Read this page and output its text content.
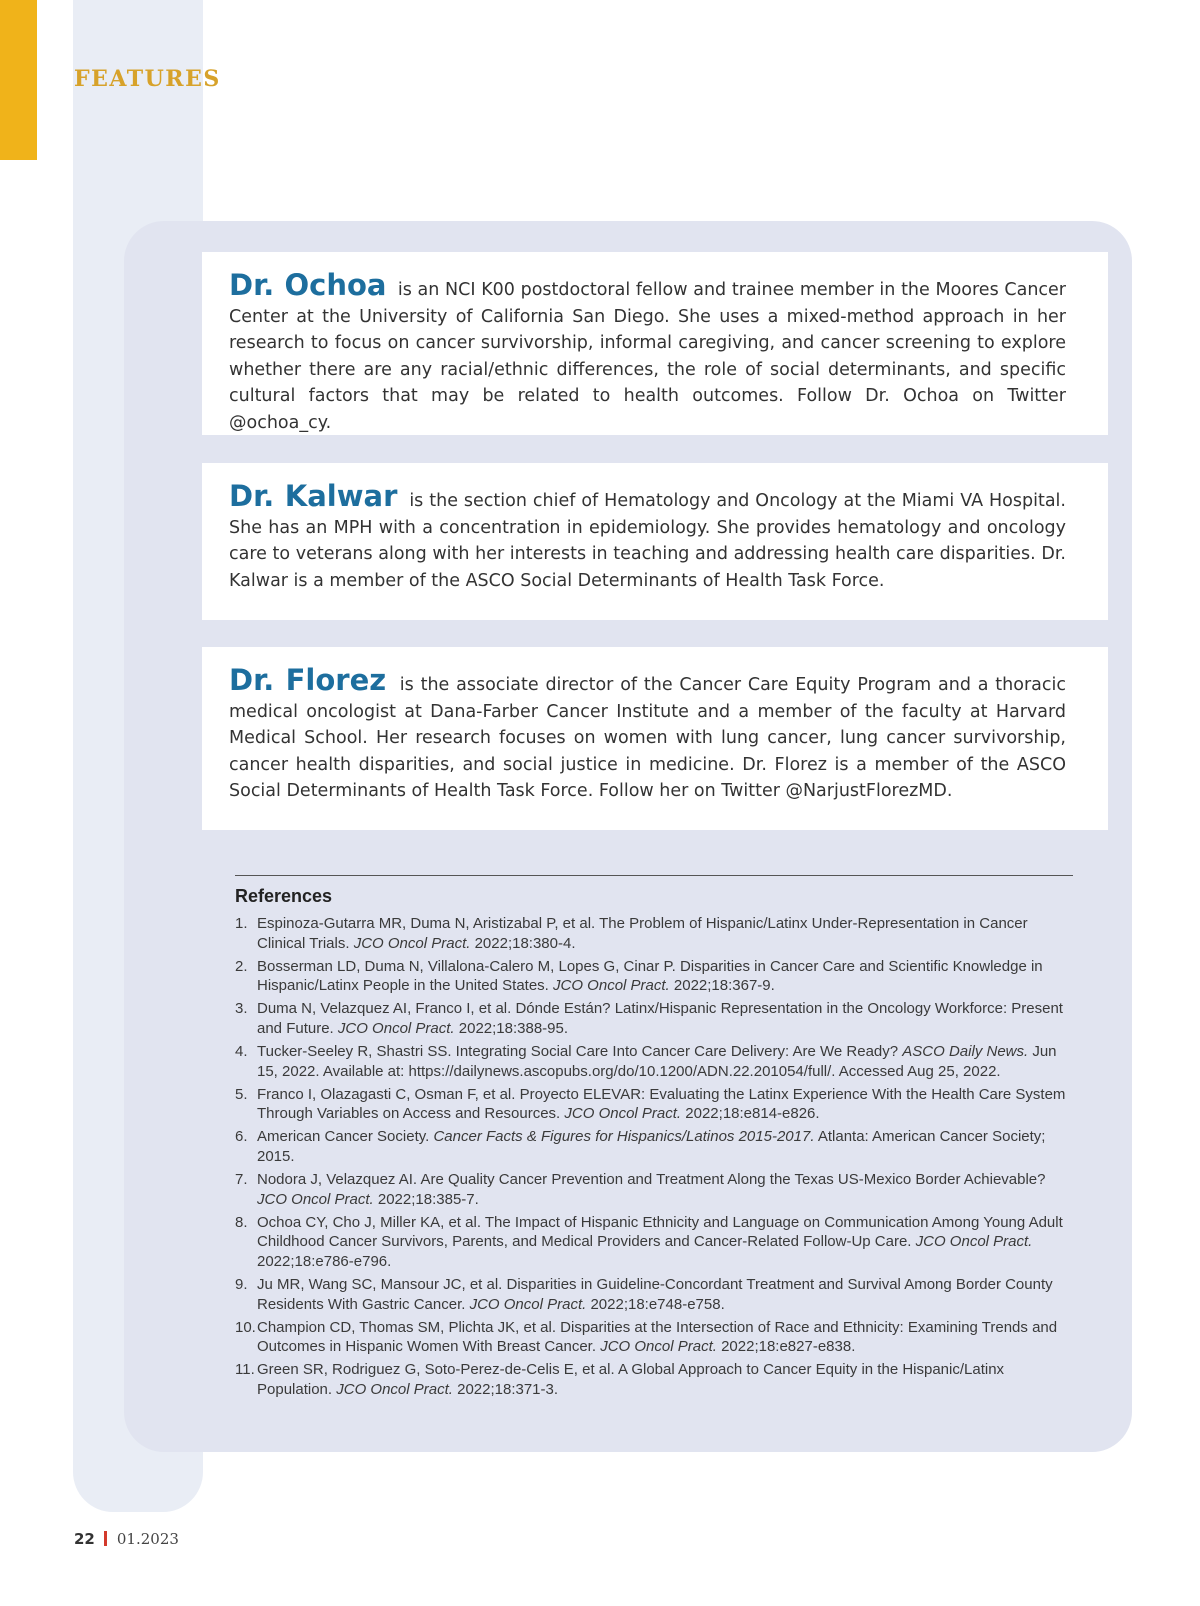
FEATURES

Dr. Ochoa is an NCI K00 postdoctoral fellow and trainee member in the Moores Cancer Center at the University of California San Diego. She uses a mixed-method approach in her research to focus on cancer survivorship, informal caregiving, and cancer screening to explore whether there are any racial/ethnic differences, the role of social determinants, and specific cultural factors that may be related to health outcomes. Follow Dr. Ochoa on Twitter @ochoa_cy.

Dr. Kalwar is the section chief of Hematology and Oncology at the Miami VA Hospital. She has an MPH with a concentration in epidemiology. She provides hematology and oncology care to veterans along with her interests in teaching and addressing health care disparities. Dr. Kalwar is a member of the ASCO Social Determinants of Health Task Force.

Dr. Florez is the associate director of the Cancer Care Equity Program and a thoracic medical oncologist at Dana-Farber Cancer Institute and a member of the faculty at Harvard Medical School. Her research focuses on women with lung cancer, lung cancer survivorship, cancer health disparities, and social justice in medicine. Dr. Florez is a member of the ASCO Social Determinants of Health Task Force. Follow her on Twitter @NarjustFlorezMD.

References
1. Espinoza-Gutarra MR, Duma N, Aristizabal P, et al. The Problem of Hispanic/Latinx Under-Representation in Cancer Clinical Trials. JCO Oncol Pract. 2022;18:380-4.
2. Bosserman LD, Duma N, Villalona-Calero M, Lopes G, Cinar P. Disparities in Cancer Care and Scientific Knowledge in Hispanic/Latinx People in the United States. JCO Oncol Pract. 2022;18:367-9.
3. Duma N, Velazquez AI, Franco I, et al. Dónde Están? Latinx/Hispanic Representation in the Oncology Workforce: Present and Future. JCO Oncol Pract. 2022;18:388-95.
4. Tucker-Seeley R, Shastri SS. Integrating Social Care Into Cancer Care Delivery: Are We Ready? ASCO Daily News. Jun 15, 2022. Available at: https://dailynews.ascopubs.org/do/10.1200/ADN.22.201054/full/. Accessed Aug 25, 2022.
5. Franco I, Olazagasti C, Osman F, et al. Proyecto ELEVAR: Evaluating the Latinx Experience With the Health Care System Through Variables on Access and Resources. JCO Oncol Pract. 2022;18:e814-e826.
6. American Cancer Society. Cancer Facts & Figures for Hispanics/Latinos 2015-2017. Atlanta: American Cancer Society; 2015.
7. Nodora J, Velazquez AI. Are Quality Cancer Prevention and Treatment Along the Texas US-Mexico Border Achievable? JCO Oncol Pract. 2022;18:385-7.
8. Ochoa CY, Cho J, Miller KA, et al. The Impact of Hispanic Ethnicity and Language on Communication Among Young Adult Childhood Cancer Survivors, Parents, and Medical Providers and Cancer-Related Follow-Up Care. JCO Oncol Pract. 2022;18:e786-e796.
9. Ju MR, Wang SC, Mansour JC, et al. Disparities in Guideline-Concordant Treatment and Survival Among Border County Residents With Gastric Cancer. JCO Oncol Pract. 2022;18:e748-e758.
10. Champion CD, Thomas SM, Plichta JK, et al. Disparities at the Intersection of Race and Ethnicity: Examining Trends and Outcomes in Hispanic Women With Breast Cancer. JCO Oncol Pract. 2022;18:e827-e838.
11. Green SR, Rodriguez G, Soto-Perez-de-Celis E, et al. A Global Approach to Cancer Equity in the Hispanic/Latinx Population. JCO Oncol Pract. 2022;18:371-3.
22 01.2023
